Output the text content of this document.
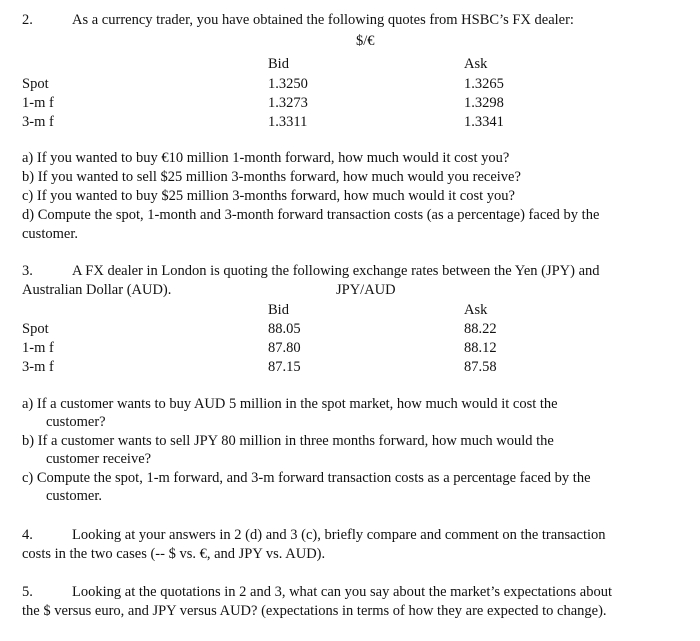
2.	As a currency trader, you have obtained the following quotes from HSBC’s FX dealer:
$/€
Bid	Ask
Spot	1.3250	1.3265
1-m f	1.3273	1.3298
3-m f	1.3311	1.3341
a) If you wanted to buy €10 million 1-month forward, how much would it cost you?
b) If you wanted to sell $25 million 3-months forward, how much would you receive?
c) If you wanted to buy $25 million 3-months forward, how much would it cost you?
d) Compute the spot, 1-month and 3-month forward transaction costs (as a percentage) faced by the
customer.
3.	A FX dealer in London is quoting the following exchange rates between the Yen (JPY) and
Australian Dollar (AUD).	JPY/AUD
Bid	Ask
Spot	88.05	88.22
1-m f	87.80	88.12
3-m f	87.15	87.58
a) If a customer wants to buy AUD 5 million in the spot market, how much would it cost the
customer?
b) If a customer wants to sell JPY 80 million in three months forward, how much would the
customer receive?
c) Compute the spot, 1-m forward, and 3-m forward transaction costs as a percentage faced by the
customer.
4.	Looking at your answers in 2 (d) and 3 (c), briefly compare and comment on the transaction
costs in the two cases (-- $ vs. €, and JPY vs. AUD).
5.	Looking at the quotations in 2 and 3, what can you say about the market’s expectations about
the $ versus euro, and JPY versus AUD? (expectations in terms of how they are expected to change).
